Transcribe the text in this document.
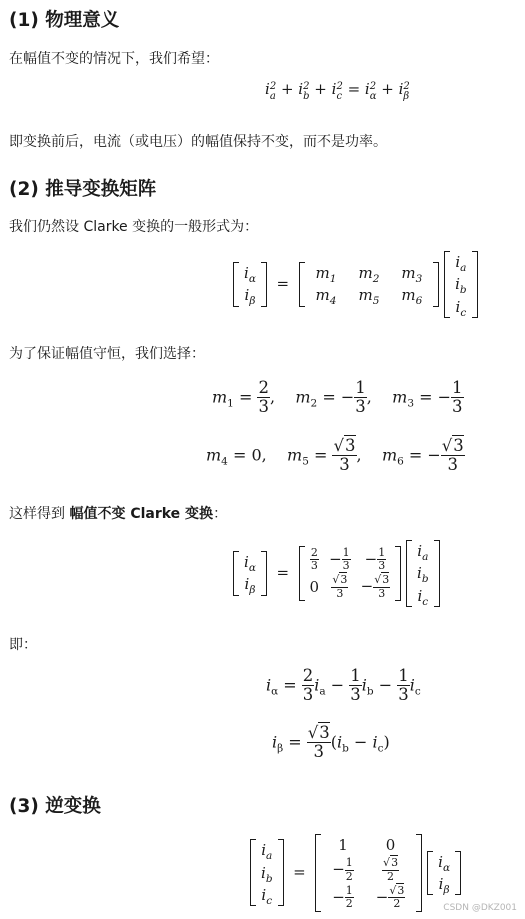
(1) 物理意义

在幅值不变的情况下，我们希望：

i 2
a + i 2
b + i 2
c = i 2
α + i 2
β

即变换前后，电流（或电压）的幅值保持不变，而不是功率。

(2) 推导变换矩阵

我们仍然设 Clarke 变换的一般形式为：

$i_\alpha$
$i_\beta$
=
$m_1$	$m_2$	$m_3$
$m_4$	$m_5$	$m_6$

$i_a$
$i_b$
$i_c$

为了保证幅值守恒，我们选择：

$m_1 = \frac{2}{3}$ ,    $m_2$ = − $\frac{1}{3}$ ,    $m_3$ = − $\frac{1}{3}$
$m_4 = 0$,    $m_5 = \frac{√3}{3}$ ,    $m_6$ = − $\frac{√3}{3}$

这样得到 幅值不变 Clarke 变换：

$i_\alpha$
$i_\beta$
= $\frac{2}{3}$	− $\frac{1}{3}$	− $\frac{1}{3}$

0	$\frac{√3}{3}$	− $\frac{√3}{3}$

$i_a$
$i_b$
$i_c$

即：

$i_\alpha = \frac{2}{3} i_a - \frac{1}{3} i_b - \frac{1}{3} i_c$
$i_\beta = \frac{√3}{3} (i_b - i_c)$
(3) 逆变换
$i_a$
$i_b$
$i_c$
=
1	0
− $\frac{1}{2}$	$\frac{√3}{2}$

− $\frac{1}{2}$	− $\frac{√3}{2}$

$i_\alpha$
$i_\beta$
CSDN @DKZ001
